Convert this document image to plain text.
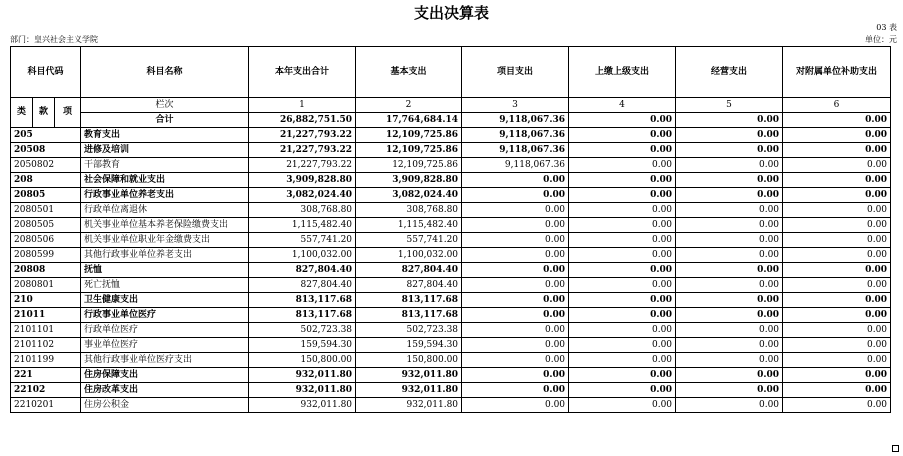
支出决算表
03 表
部门：皇兴社会主义学院	单位：元
科目代码			科目名称	本年支出合计	基本支出	项目支出	上缴上级支出	经营支出	对附属单位补助支出
类	款	项	栏次	1	2	3	4	5	6
			合计	26,882,751.50	17,764,684.14	9,118,067.36	0.00	0.00	0.00
205			教育支出	21,227,793.22	12,109,725.86	9,118,067.36	0.00	0.00	0.00
20508			进修及培训	21,227,793.22	12,109,725.86	9,118,067.36	0.00	0.00	0.00
2050802			干部教育	21,227,793.22	12,109,725.86	9,118,067.36	0.00	0.00	0.00
208			社会保障和就业支出	3,909,828.80	3,909,828.80	0.00	0.00	0.00	0.00
20805			行政事业单位养老支出	3,082,024.40	3,082,024.40	0.00	0.00	0.00	0.00
2080501			行政单位离退休	308,768.80	308,768.80	0.00	0.00	0.00	0.00
2080505			机关事业单位基本养老保险缴费支出	1,115,482.40	1,115,482.40	0.00	0.00	0.00	0.00
2080506			机关事业单位职业年金缴费支出	557,741.20	557,741.20	0.00	0.00	0.00	0.00
2080599			其他行政事业单位养老支出	1,100,032.00	1,100,032.00	0.00	0.00	0.00	0.00
20808			抚恤	827,804.40	827,804.40	0.00	0.00	0.00	0.00
2080801			死亡抚恤	827,804.40	827,804.40	0.00	0.00	0.00	0.00
210			卫生健康支出	813,117.68	813,117.68	0.00	0.00	0.00	0.00
21011			行政事业单位医疗	813,117.68	813,117.68	0.00	0.00	0.00	0.00
2101101			行政单位医疗	502,723.38	502,723.38	0.00	0.00	0.00	0.00
2101102			事业单位医疗	159,594.30	159,594.30	0.00	0.00	0.00	0.00
2101199			其他行政事业单位医疗支出	150,800.00	150,800.00	0.00	0.00	0.00	0.00
221			住房保障支出	932,011.80	932,011.80	0.00	0.00	0.00	0.00
22102			住房改革支出	932,011.80	932,011.80	0.00	0.00	0.00	0.00
2210201			住房公积金	932,011.80	932,011.80	0.00	0.00	0.00	0.00
